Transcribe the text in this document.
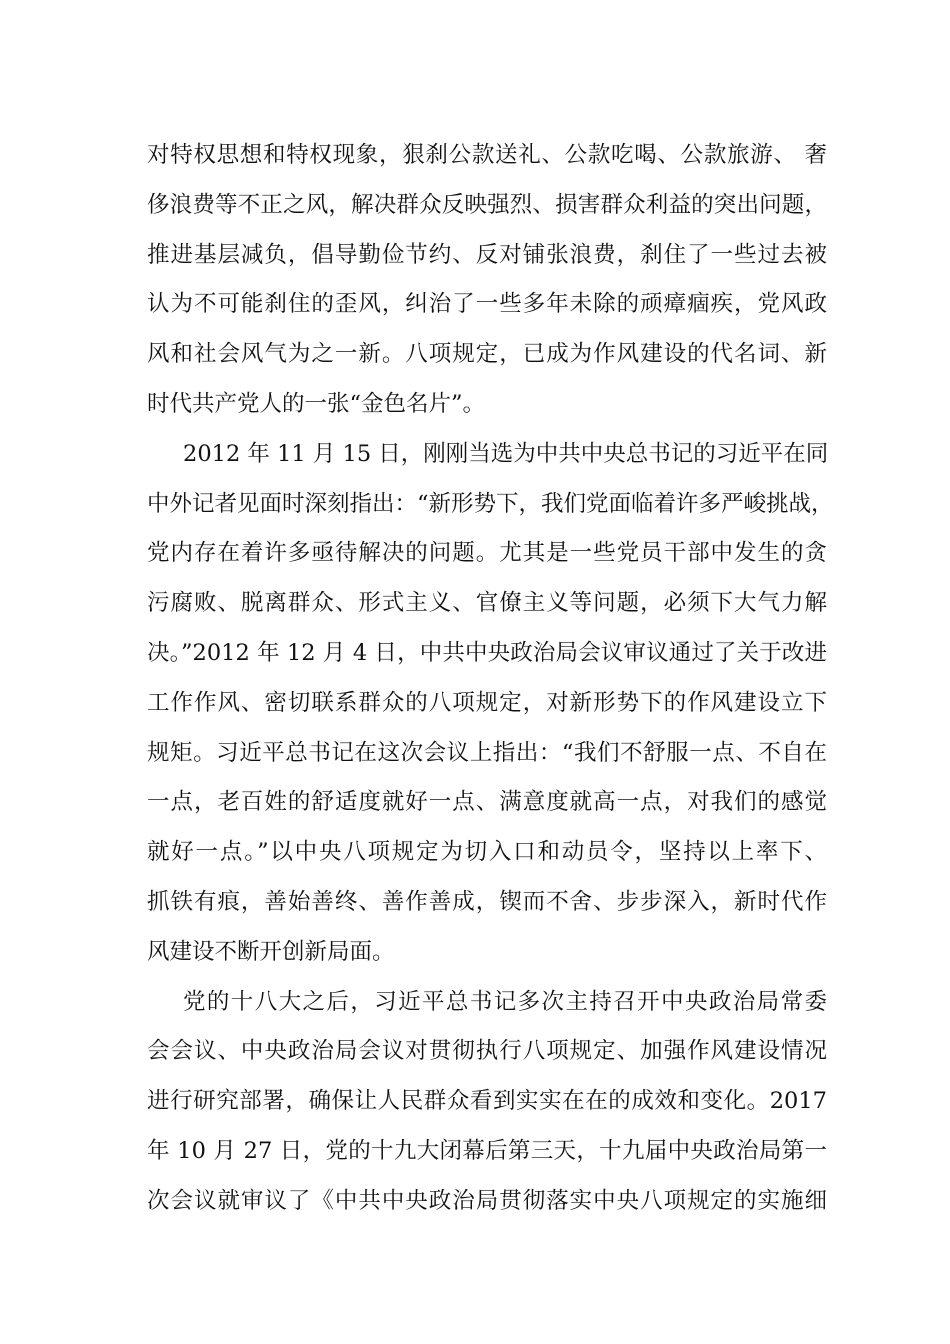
对特权思想和特权现象，狠刹公款送礼、公款吃喝、公款旅游、 奢
侈浪费等不正之风，解决群众反映强烈、损害群众利益的突出问题，
推进基层减负，倡导勤俭节约、反对铺张浪费，刹住了一些过去被
认为不可能刹住的歪风，纠治了一些多年未除的顽瘴痼疾，党风政
风和社会风气为之一新。八项规定，已成为作风建设的代名词、新
时代共产党人的一张“金色名片”。
2012 年 11 月 15 日，刚刚当选为中共中央总书记的习近平在同
中外记者见面时深刻指出：“新形势下，我们党面临着许多严峻挑战，
党内存在着许多亟待解决的问题。尤其是一些党员干部中发生的贪
污腐败、脱离群众、形式主义、官僚主义等问题，必须下大气力解
决。”2012 年 12 月 4 日，中共中央政治局会议审议通过了关于改进
工作作风、密切联系群众的八项规定，对新形势下的作风建设立下
规矩。习近平总书记在这次会议上指出：“我们不舒服一点、不自在
一点，老百姓的舒适度就好一点、满意度就高一点，对我们的感觉
就好一点。”以中央八项规定为切入口和动员令，坚持以上率下、
抓铁有痕，善始善终、善作善成，锲而不舍、步步深入，新时代作
风建设不断开创新局面。
党的十八大之后，习近平总书记多次主持召开中央政治局常委
会会议、中央政治局会议对贯彻执行八项规定、加强作风建设情况
进行研究部署，确保让人民群众看到实实在在的成效和变化。2017
年 10 月 27 日，党的十九大闭幕后第三天，十九届中央政治局第一
次会议就审议了《中共中央政治局贯彻落实中央八项规定的实施细
